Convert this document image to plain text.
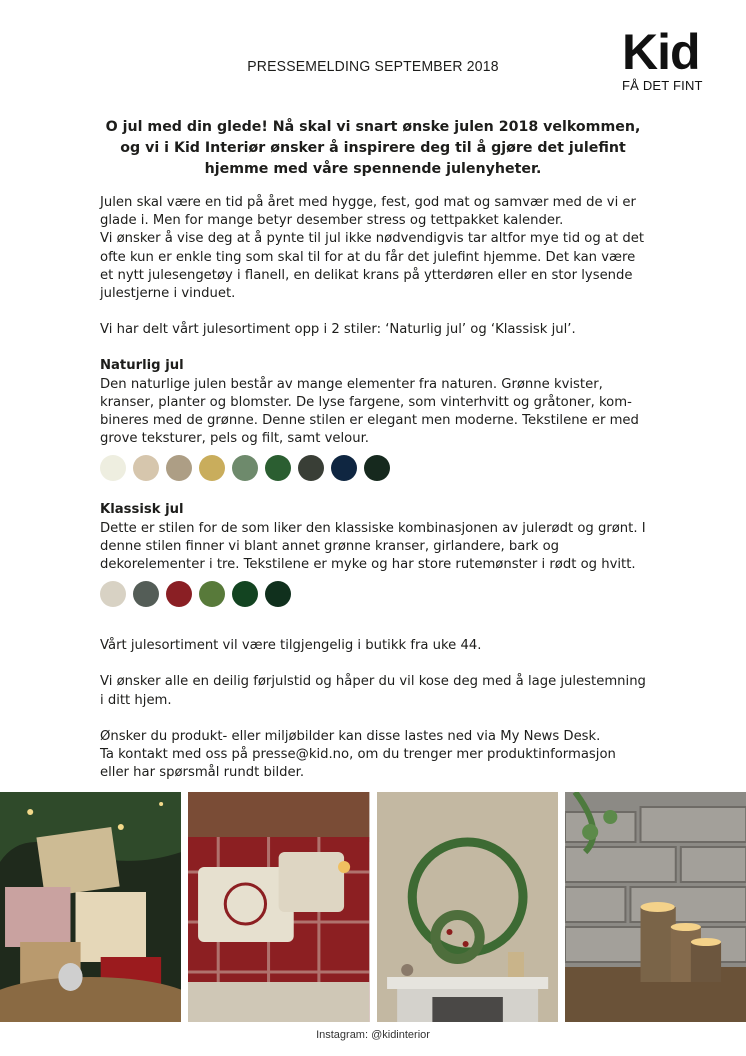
PRESSEMELDING SEPTEMBER 2018	Kid
FÅ DET FINT
O jul med din glede! Nå skal vi snart ønske julen 2018 velkommen,
og vi i Kid Interiør ønsker å inspirere deg til å gjøre det julefint
hjemme med våre spennende julenyheter.

Julen skal være en tid på året med hygge, fest, god mat og samvær med de vi er
glade i. Men for mange betyr desember stress og tettpakket kalender.
Vi ønsker å vise deg at å pynte til jul ikke nødvendigvis tar altfor mye tid og at det
ofte kun er enkle ting som skal til for at du får det julefint hjemme. Det kan være
et nytt julesengetøy i flanell, en delikat krans på ytterdøren eller en stor lysende
julestjerne i vinduet.

Vi har delt vårt julesortiment opp i 2 stiler: ‘Naturlig jul’ og ‘Klassisk jul’.

Naturlig jul

Den naturlige julen består av mange elementer fra naturen. Grønne kvister,
kranser, planter og blomster. De lyse fargene, som vinterhvitt og gråtoner, kom-
bineres med de grønne. Denne stilen er elegant men moderne. Tekstilene er med
grove teksturer, pels og filt, samt velour.

Klassisk jul

Dette er stilen for de som liker den klassiske kombinasjonen av julerødt og grønt. I
denne stilen finner vi blant annet grønne kranser, girlandere, bark og
dekorelementer i tre. Tekstilene er myke og har store rutemønster i rødt og hvitt.

Vårt julesortiment vil være tilgjengelig i butikk fra uke 44.

Vi ønsker alle en deilig førjulstid og håper du vil kose deg med å lage julestemning
i ditt hjem.

Ønsker du produkt- eller miljøbilder kan disse lastes ned via My News Desk.
Ta kontakt med oss på presse@kid.no, om du trenger mer produktinformasjon
eller har spørsmål rundt bilder.

Instagram: @kidinterior
